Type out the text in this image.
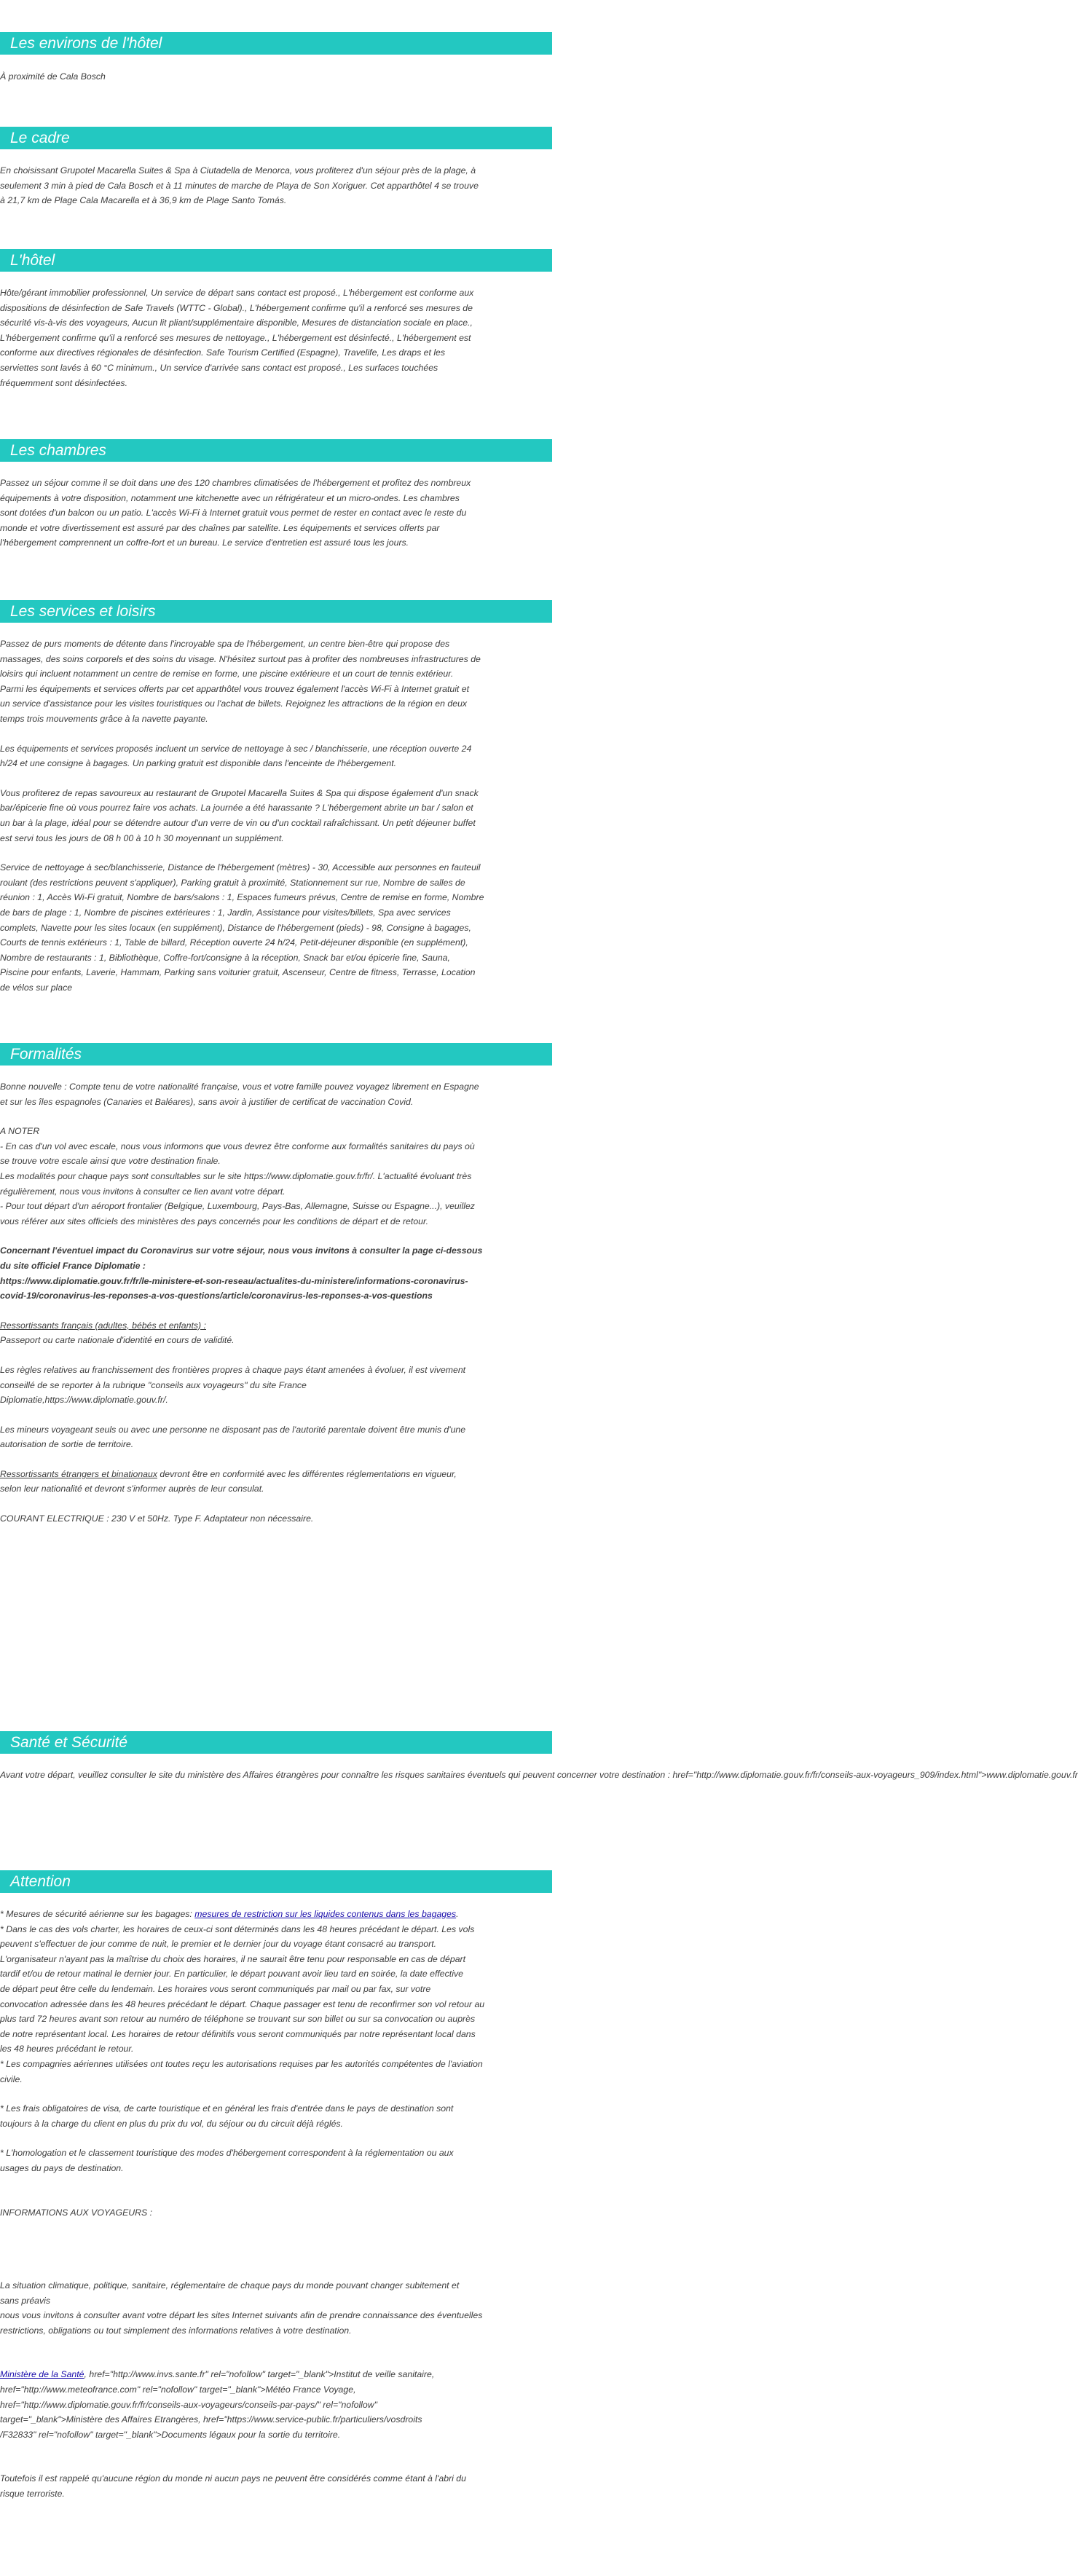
Les environs de l'hôtel
À proximité de Cala Bosch
Le cadre
En choisissant Grupotel Macarella Suites & Spa à Ciutadella de Menorca, vous profiterez d'un séjour près de la plage, à
seulement 3 min à pied de Cala Bosch et à 11 minutes de marche de Playa de Son Xoriguer. Cet apparthôtel 4 se trouve
à 21,7 km de Plage Cala Macarella et à 36,9 km de Plage Santo Tomás.
L'hôtel
Hôte/gérant immobilier professionnel, Un service de départ sans contact est proposé., L'hébergement est conforme aux
dispositions de désinfection de Safe Travels (WTTC - Global)., L'hébergement confirme qu'il a renforcé ses mesures de
sécurité vis-à-vis des voyageurs, Aucun lit pliant/supplémentaire disponible, Mesures de distanciation sociale en place.,
L'hébergement confirme qu'il a renforcé ses mesures de nettoyage., L'hébergement est désinfecté., L'hébergement est
conforme aux directives régionales de désinfection. Safe Tourism Certified (Espagne), Travelife, Les draps et les
serviettes sont lavés à 60 °C minimum., Un service d'arrivée sans contact est proposé., Les surfaces touchées
fréquemment sont désinfectées.
Les chambres
Passez un séjour comme il se doit dans une des 120 chambres climatisées de l'hébergement et profitez des nombreux
équipements à votre disposition, notamment une kitchenette avec un réfrigérateur et un micro-ondes. Les chambres
sont dotées d'un balcon ou un patio. L'accès Wi-Fi à Internet gratuit vous permet de rester en contact avec le reste du
monde et votre divertissement est assuré par des chaînes par satellite. Les équipements et services offerts par
l'hébergement comprennent un coffre-fort et un bureau. Le service d'entretien est assuré tous les jours.
Les services et loisirs
Passez de purs moments de détente dans l'incroyable spa de l'hébergement, un centre bien-être qui propose des
massages, des soins corporels et des soins du visage. N'hésitez surtout pas à profiter des nombreuses infrastructures de
loisirs qui incluent notamment un centre de remise en forme, une piscine extérieure et un court de tennis extérieur.
Parmi les équipements et services offerts par cet apparthôtel vous trouvez également l'accès Wi-Fi à Internet gratuit et
un service d'assistance pour les visites touristiques ou l'achat de billets. Rejoignez les attractions de la région en deux
temps trois mouvements grâce à la navette payante.
Les équipements et services proposés incluent un service de nettoyage à sec / blanchisserie, une réception ouverte 24
h/24 et une consigne à bagages. Un parking gratuit est disponible dans l'enceinte de l'hébergement.
Vous profiterez de repas savoureux au restaurant de Grupotel Macarella Suites & Spa qui dispose également d'un snack
bar/épicerie fine où vous pourrez faire vos achats. La journée a été harassante ? L'hébergement abrite un bar / salon et
un bar à la plage, idéal pour se détendre autour d'un verre de vin ou d'un cocktail rafraîchissant. Un petit déjeuner buffet
est servi tous les jours de 08 h 00 à 10 h 30 moyennant un supplément.
Service de nettoyage à sec/blanchisserie, Distance de l'hébergement (mètres) - 30, Accessible aux personnes en fauteuil
roulant (des restrictions peuvent s'appliquer), Parking gratuit à proximité, Stationnement sur rue, Nombre de salles de
réunion : 1, Accès Wi-Fi gratuit, Nombre de bars/salons : 1, Espaces fumeurs prévus, Centre de remise en forme, Nombre
de bars de plage : 1, Nombre de piscines extérieures : 1, Jardin, Assistance pour visites/billets, Spa avec services
complets, Navette pour les sites locaux (en supplément), Distance de l'hébergement (pieds) - 98, Consigne à bagages,
Courts de tennis extérieurs : 1, Table de billard, Réception ouverte 24 h/24, Petit-déjeuner disponible (en supplément),
Nombre de restaurants : 1, Bibliothèque, Coffre-fort/consigne à la réception, Snack bar et/ou épicerie fine, Sauna,
Piscine pour enfants, Laverie, Hammam, Parking sans voiturier gratuit, Ascenseur, Centre de fitness, Terrasse, Location
de vélos sur place
Formalités
Bonne nouvelle : Compte tenu de votre nationalité française, vous et votre famille pouvez voyagez librement en Espagne
et sur les îles espagnoles (Canaries et Baléares), sans avoir à justifier de certificat de vaccination Covid.
A NOTER
- En cas d'un vol avec escale, nous vous informons que vous devrez être conforme aux formalités sanitaires du pays où
se trouve votre escale ainsi que votre destination finale.
Les modalités pour chaque pays sont consultables sur le site https://www.diplomatie.gouv.fr/fr/. L'actualité évoluant très
régulièrement, nous vous invitons à consulter ce lien avant votre départ.
- Pour tout départ d'un aéroport frontalier (Belgique, Luxembourg, Pays-Bas, Allemagne, Suisse ou Espagne...), veuillez
vous référer aux sites officiels des ministères des pays concernés pour les conditions de départ et de retour.
Concernant l'éventuel impact du Coronavirus sur votre séjour, nous vous invitons à consulter la page ci-dessous
du site officiel France Diplomatie :
https://www.diplomatie.gouv.fr/fr/le-ministere-et-son-reseau/actualites-du-ministere/informations-coronavirus-
covid-19/coronavirus-les-reponses-a-vos-questions/article/coronavirus-les-reponses-a-vos-questions
Ressortissants français (adultes, bébés et enfants) :
Passeport ou carte nationale d'identité en cours de validité.
Les règles relatives au franchissement des frontières propres à chaque pays étant amenées à évoluer, il est vivement
conseillé de se reporter à la rubrique "conseils aux voyageurs" du site France
Diplomatie,https://www.diplomatie.gouv.fr/.
Les mineurs voyageant seuls ou avec une personne ne disposant pas de l'autorité parentale doivent être munis d'une
autorisation de sortie de territoire.
Ressortissants étrangers et binationaux devront être en conformité avec les différentes réglementations en vigueur,
selon leur nationalité et devront s'informer auprès de leur consulat.
COURANT ELECTRIQUE : 230 V et 50Hz. Type F. Adaptateur non nécessaire.
Santé et Sécurité
Avant votre départ, veuillez consulter le site du ministère des Affaires étrangères pour connaître les risques sanitaires éventuels qui peuvent concerner votre destination : href="http://www.diplomatie.gouv.fr/fr/conseils-aux-voyageurs_909/index.html">www.diplomatie.gouv.fr
Attention
* Mesures de sécurité aérienne sur les bagages: mesures de restriction sur les liquides contenus dans les bagages.
* Dans le cas des vols charter, les horaires de ceux-ci sont déterminés dans les 48 heures précédant le départ. Les vols
peuvent s'effectuer de jour comme de nuit, le premier et le dernier jour du voyage étant consacré au transport.
L'organisateur n'ayant pas la maîtrise du choix des horaires, il ne saurait être tenu pour responsable en cas de départ
tardif et/ou de retour matinal le dernier jour. En particulier, le départ pouvant avoir lieu tard en soirée, la date effective
de départ peut être celle du lendemain. Les horaires vous seront communiqués par mail ou par fax, sur votre
convocation adressée dans les 48 heures précédant le départ. Chaque passager est tenu de reconfirmer son vol retour au
plus tard 72 heures avant son retour au numéro de téléphone se trouvant sur son billet ou sur sa convocation ou auprès
de notre représentant local. Les horaires de retour définitifs vous seront communiqués par notre représentant local dans
les 48 heures précédant le retour.
* Les compagnies aériennes utilisées ont toutes reçu les autorisations requises par les autorités compétentes de l'aviation
civile.
* Les frais obligatoires de visa, de carte touristique et en général les frais d'entrée dans le pays de destination sont
toujours à la charge du client en plus du prix du vol, du séjour ou du circuit déjà réglés.
* L'homologation et le classement touristique des modes d'hébergement correspondent à la réglementation ou aux
usages du pays de destination.
INFORMATIONS AUX VOYAGEURS :
La situation climatique, politique, sanitaire, réglementaire de chaque pays du monde pouvant changer subitement et
sans préavis
nous vous invitons à consulter avant votre départ les sites Internet suivants afin de prendre connaissance des éventuelles
restrictions, obligations ou tout simplement des informations relatives à votre destination.
Ministère de la Santé, href="http://www.invs.sante.fr" rel="nofollow" target="_blank">Institut de veille sanitaire,
href="http://www.meteofrance.com" rel="nofollow" target="_blank">Météo France Voyage,
href="http://www.diplomatie.gouv.fr/fr/conseils-aux-voyageurs/conseils-par-pays/" rel="nofollow"
target="_blank">Ministère des Affaires Etrangères, href="https://www.service-public.fr/particuliers/vosdroits
/F32833" rel="nofollow" target="_blank">Documents légaux pour la sortie du territoire.
Toutefois il est rappelé qu'aucune région du monde ni aucun pays ne peuvent être considérés comme étant à l'abri du
risque terroriste.
